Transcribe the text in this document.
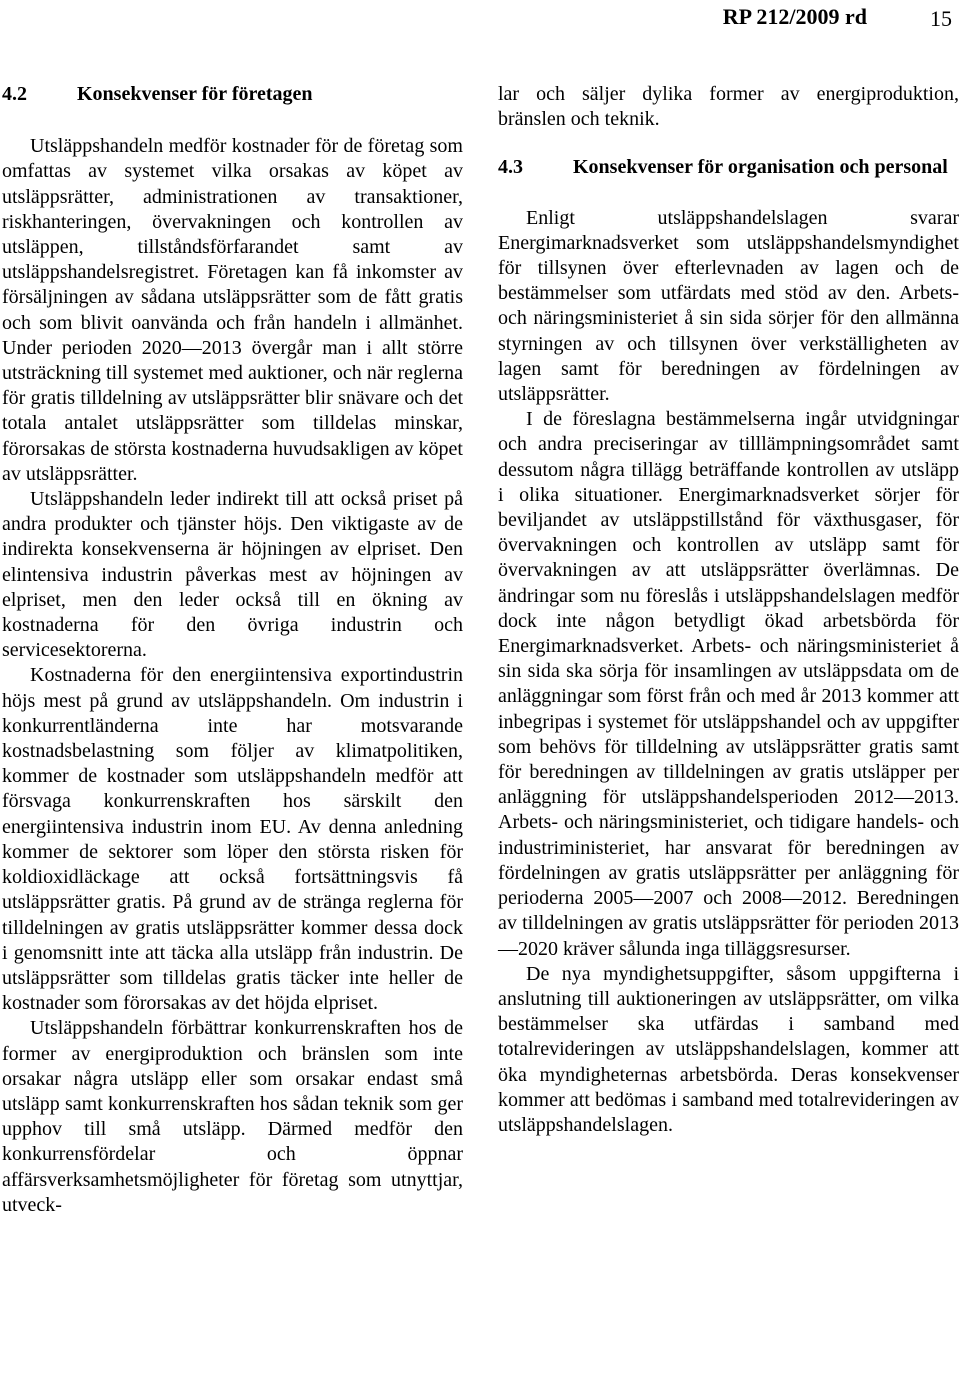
RP 212/2009 rd	15
4.2	Konsekvenser för företagen

Utsläppshandeln medför kostnader för de företag som omfattas av systemet vilka orsakas av köpet av utsläppsrätter, administrationen av transaktioner, riskhanteringen, övervakningen och kontrollen av utsläppen, tillståndsförfarandet samt av utsläppshandelsregistret. Företagen kan få inkomster av försäljningen av sådana utsläppsrätter som de fått gratis och som blivit oanvända och från handeln i allmänhet. Under perioden 2020—2013 övergår man i allt större utsträckning till systemet med auktioner, och när reglerna för gratis tilldelning av utsläppsrätter blir snävare och det totala antalet utsläppsrätter som tilldelas minskar, förorsakas de största kostnaderna huvudsakligen av köpet av utsläppsrätter.

Utsläppshandeln leder indirekt till att också priset på andra produkter och tjänster höjs. Den viktigaste av de indirekta konsekvenserna är höjningen av elpriset. Den elintensiva industrin påverkas mest av höjningen av elpriset, men den leder också till en ökning av kostnaderna för den övriga industrin och servicesektorerna.

Kostnaderna för den energiintensiva exportindustrin höjs mest på grund av utsläppshandeln. Om industrin i konkurrentländerna inte har motsvarande kostnadsbelastning som följer av klimatpolitiken, kommer de kostnader som utsläppshandeln medför att försvaga konkurrenskraften hos särskilt den energiintensiva industrin inom EU. Av denna anledning kommer de sektorer som löper den största risken för koldioxidläckage att också fortsättningsvis få utsläppsrätter gratis. På grund av de stränga reglerna för tilldelningen av gratis utsläppsrätter kommer dessa dock i genomsnitt inte att täcka alla utsläpp från industrin. De utsläppsrätter som tilldelas gratis täcker inte heller de kostnader som förorsakas av det höjda elpriset.

Utsläppshandeln förbättrar konkurrenskraften hos de former av energiproduktion och bränslen som inte orsakar några utsläpp eller som orsakar endast små utsläpp samt konkurrenskraften hos sådan teknik som ger upphov till små utsläpp. Därmed medför den konkurrensfördelar och öppnar affärsverksamhetsmöjligheter för företag som utnyttjar, utveck-

lar och säljer dylika former av energiproduktion, bränslen och teknik.

4.3	Konsekvenser för organisation och personal

Enligt utsläppshandelslagen svarar Energimarknadsverket som utsläppshandelsmyndighet för tillsynen över efterlevnaden av lagen och de bestämmelser som utfärdats med stöd av den. Arbets- och näringsministeriet å sin sida sörjer för den allmänna styrningen av och tillsynen över verkställigheten av lagen samt för beredningen av fördelningen av utsläppsrätter.

I de föreslagna bestämmelserna ingår utvidgningar och andra preciseringar av tilllämpningsområdet samt dessutom några tillägg beträffande kontrollen av utsläpp i olika situationer. Energimarknadsverket sörjer för beviljandet av utsläppstillstånd för växthusgaser, för övervakningen och kontrollen av utsläpp samt för övervakningen av att utsläppsrätter överlämnas. De ändringar som nu föreslås i utsläppshandelslagen medför dock inte någon betydligt ökad arbetsbörda för Energimarknadsverket. Arbets- och näringsministeriet å sin sida ska sörja för insamlingen av utsläppsdata om de anläggningar som först från och med år 2013 kommer att inbegripas i systemet för utsläppshandel och av uppgifter som behövs för tilldelning av utsläppsrätter gratis samt för beredningen av tilldelningen av gratis utsläpper per anläggning för utsläppshandelsperioden 2012—2013. Arbets- och näringsministeriet, och tidigare handels- och industriministeriet, har ansvarat för beredningen av fördelningen av gratis utsläppsrätter per anläggning för perioderna 2005—2007 och 2008—2012. Beredningen av tilldelningen av gratis utsläppsrätter för perioden 2013—2020 kräver sålunda inga tilläggsresurser.

De nya myndighetsuppgifter, såsom uppgifterna i anslutning till auktioneringen av utsläppsrätter, om vilka bestämmelser ska utfärdas i samband med totalrevideringen av utsläppshandelslagen, kommer att öka myndigheternas arbetsbörda. Deras konsekvenser kommer att bedömas i samband med totalrevideringen av utsläppshandelslagen.
